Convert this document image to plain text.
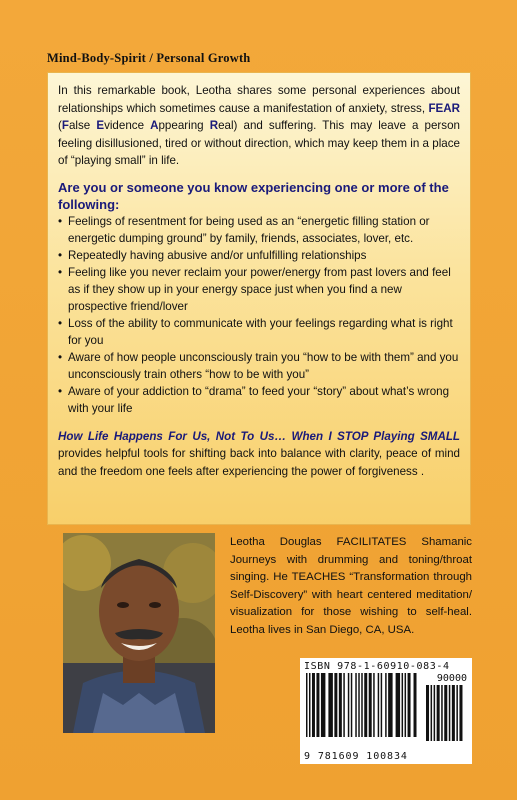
Mind-Body-Spirit / Personal Growth

In this remarkable book, Leotha shares some personal experiences about relationships which sometimes cause a manifestation of anxiety, stress, FEAR (False Evidence Appearing Real) and suffering. This may leave a person feeling disillusioned, tired or without direction, which may keep them in a place of “playing small” in life.

Are you or someone you know experiencing one or more of the following:

• Feelings of resentment for being used as an “energetic filling station or energetic dumping ground” by family, friends, associates, lover, etc.
• Repeatedly having abusive and/or unfulfilling relationships
• Feeling like you never reclaim your power/energy from past lovers and feel as if they show up in your energy space just when you find a new prospective friend/lover
• Loss of the ability to communicate with your feelings regarding what is right for you
• Aware of how people unconsciously train you “how to be with them” and you unconsciously train others “how to be with you”
• Aware of your addiction to “drama” to feed your “story” about what’s wrong with your life

How Life Happens For Us, Not To Us… When I STOP Playing SMALL provides helpful tools for shifting back into balance with clarity, peace of mind and the freedom one feels after experiencing the power of forgiveness .

Leotha Douglas FACILITATES Shamanic Journeys with drumming and toning/throat singing. He TEACHES “Transformation through Self-Discovery” with heart centered meditation/ visualization for those wishing to self-heal. Leotha lives in San Diego, CA, USA.

ISBN 978-1-60910-083-4

90000
9 781609 100834
